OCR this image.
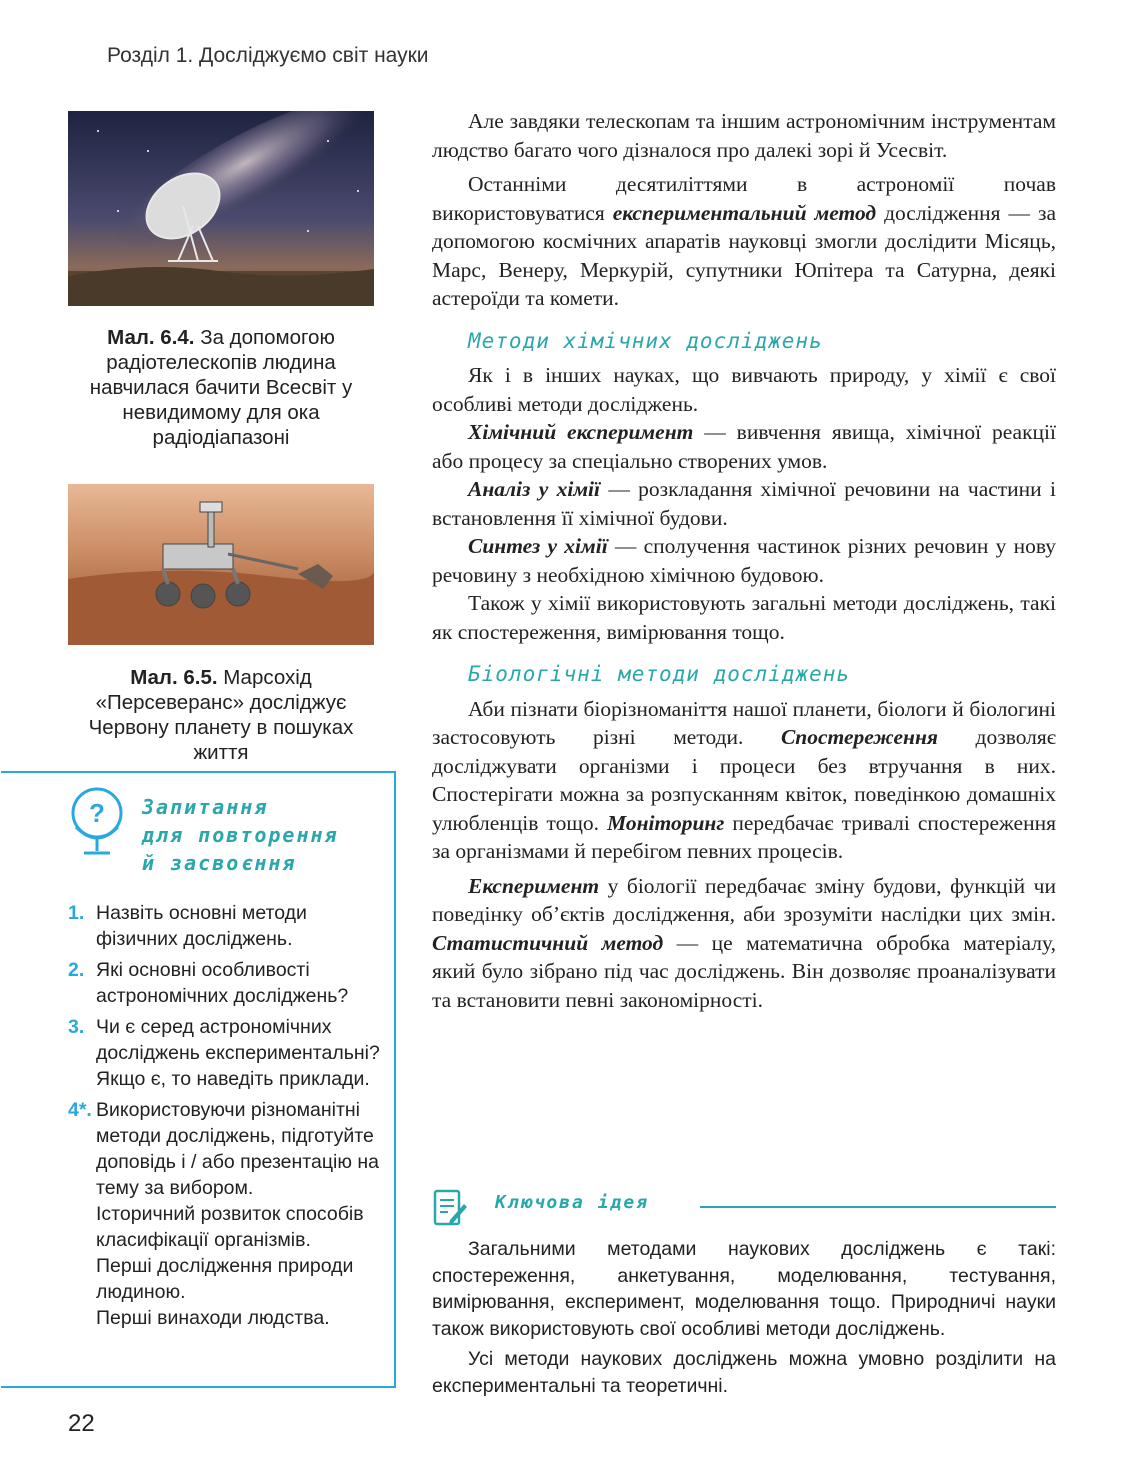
Розділ 1. Досліджуємо світ науки
Мал. 6.4. За допомогою радіотелескопів людина навчилася бачити Всесвіт у невидимому для ока радіодіапазоні
Мал. 6.5. Марсохід «Персеверанс» досліджує Червону планету в пошуках життя

Але завдяки телескопам та іншим астрономічним інструментам людство багато чого дізналося про далекі зорі й Усесвіт.

Останніми десятиліттями в астрономії почав використовуватися експериментальний метод дослідження — за допомогою космічних апаратів науковці змогли дослідити Місяць, Марс, Венеру, Меркурій, супутники Юпітера та Сатурна, деякі астероїди та комети.

Методи хімічних досліджень

Як і в інших науках, що вивчають природу, у хімії є свої особливі методи досліджень.

Хімічний експеримент — вивчення явища, хімічної реакції або процесу за спеціально створених умов.

Аналіз у хімії — розкладання хімічної речовини на частини і встановлення її хімічної будови.

Синтез у хімії — сполучення частинок різних речовин у нову речовину з необхідною хімічною будовою.

Також у хімії використовують загальні методи досліджень, такі як спостереження, вимірювання тощо.

Біологічні методи досліджень

Аби пізнати біорізноманіття нашої планети, біологи й біологині застосовують різні методи. Спостереження дозволяє досліджувати організми і процеси без втручання в них. Спостерігати можна за розпусканням квіток, поведінкою домашніх улюбленців тощо. Моніторинг передбачає тривалі спостереження за організмами й перебігом певних процесів.

Експеримент у біології передбачає зміну будови, функцій чи поведінку об’єктів дослідження, аби зрозуміти наслідки цих змін. Статистичний метод — це математична обробка матеріалу, який було зібрано під час досліджень. Він дозволяє проаналізувати та встановити певні закономірності.

? Запитання
для повторення
й засвоєння
1. Назвіть основні методи фізичних досліджень.
2. Які основні особливості астрономічних досліджень?
3. Чи є серед астрономічних досліджень експериментальні? Якщо є, то наведіть приклади.
4*. Використовуючи різноманітні методи досліджень, підготуйте доповідь і / або презентацію на тему за вибором.
Історичний розвиток способів класифікації організмів.
Перші дослідження природи людиною.
Перші винаходи людства.
Ключова ідея

Загальними методами наукових досліджень є такі: спостереження, анкетування, моделювання, тестування, вимірювання, експеримент, моделювання тощо. Природничі науки також використовують свої особливі методи досліджень.

Усі методи наукових досліджень можна умовно розділити на експериментальні та теоретичні.

22
